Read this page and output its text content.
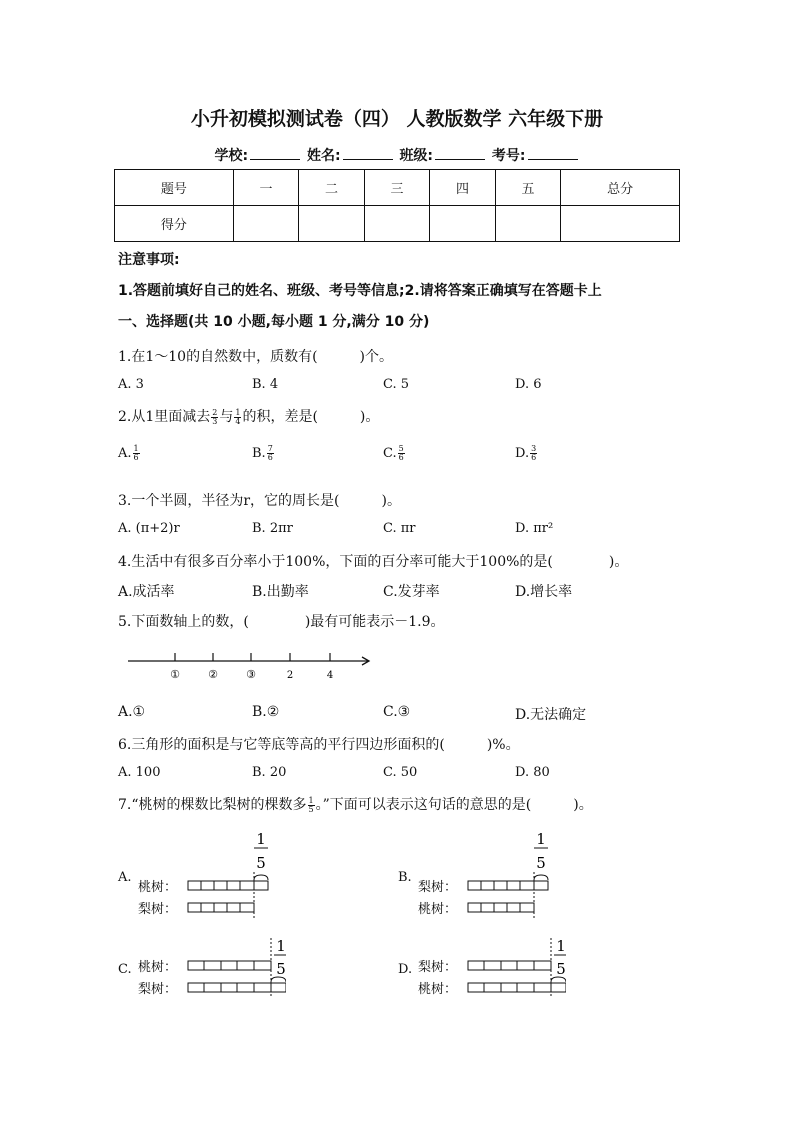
小升初模拟测试卷（四） 人教版数学 六年级下册
学校:	姓名:	班级:	考号:
题号	一	二	三	四	五	总分
得分						
注意事项:
1.答题前填好自己的姓名、班级、考号等信息;2.请将答案正确填写在答题卡上
一、选择题(共 10 小题,每小题 1 分,满分 10 分)
1.在1～10的自然数中，质数有(　　　)个。
A. 3	B. 4	C. 5	D. 6
2.从1里面减去 $\frac{2}{3}$ 与 $\frac{1}{4}$ 的积，差是(　　　)。
A. $\frac{1}{6}$	B. $\frac{7}{6}$	C. $\frac{5}{6}$	D. $\frac{3}{6}$
3.一个半圆，半径为r，它的周长是(　　　)。
A. (π+2)r	B. 2πr	C. πr	D. πr²
4.生活中有很多百分率小于100%，下面的百分率可能大于100%的是(　　　　)。
A.成活率	B.出勤率	C.发芽率	D.增长率
5.下面数轴上的数，(　　　　)最有可能表示－1.9。
①	②	③	2	4
A.①	B.②	C.③	D.无法确定
6.三角形的面积是与它等底等高的平行四边形面积的(　　　)%。
A. 100	B. 20	C. 50	D. 80
7.“桃树的棵数比梨树的棵数多 $\frac{1}{5}$ 。”下面可以表示这句话的意思的是(　　　)。
A.
桃树：
梨树：
1
5
B.
梨树：
桃树：
1
5
C. 桃树：
梨树：
1
5	D. 梨树：
桃树：
1
5
